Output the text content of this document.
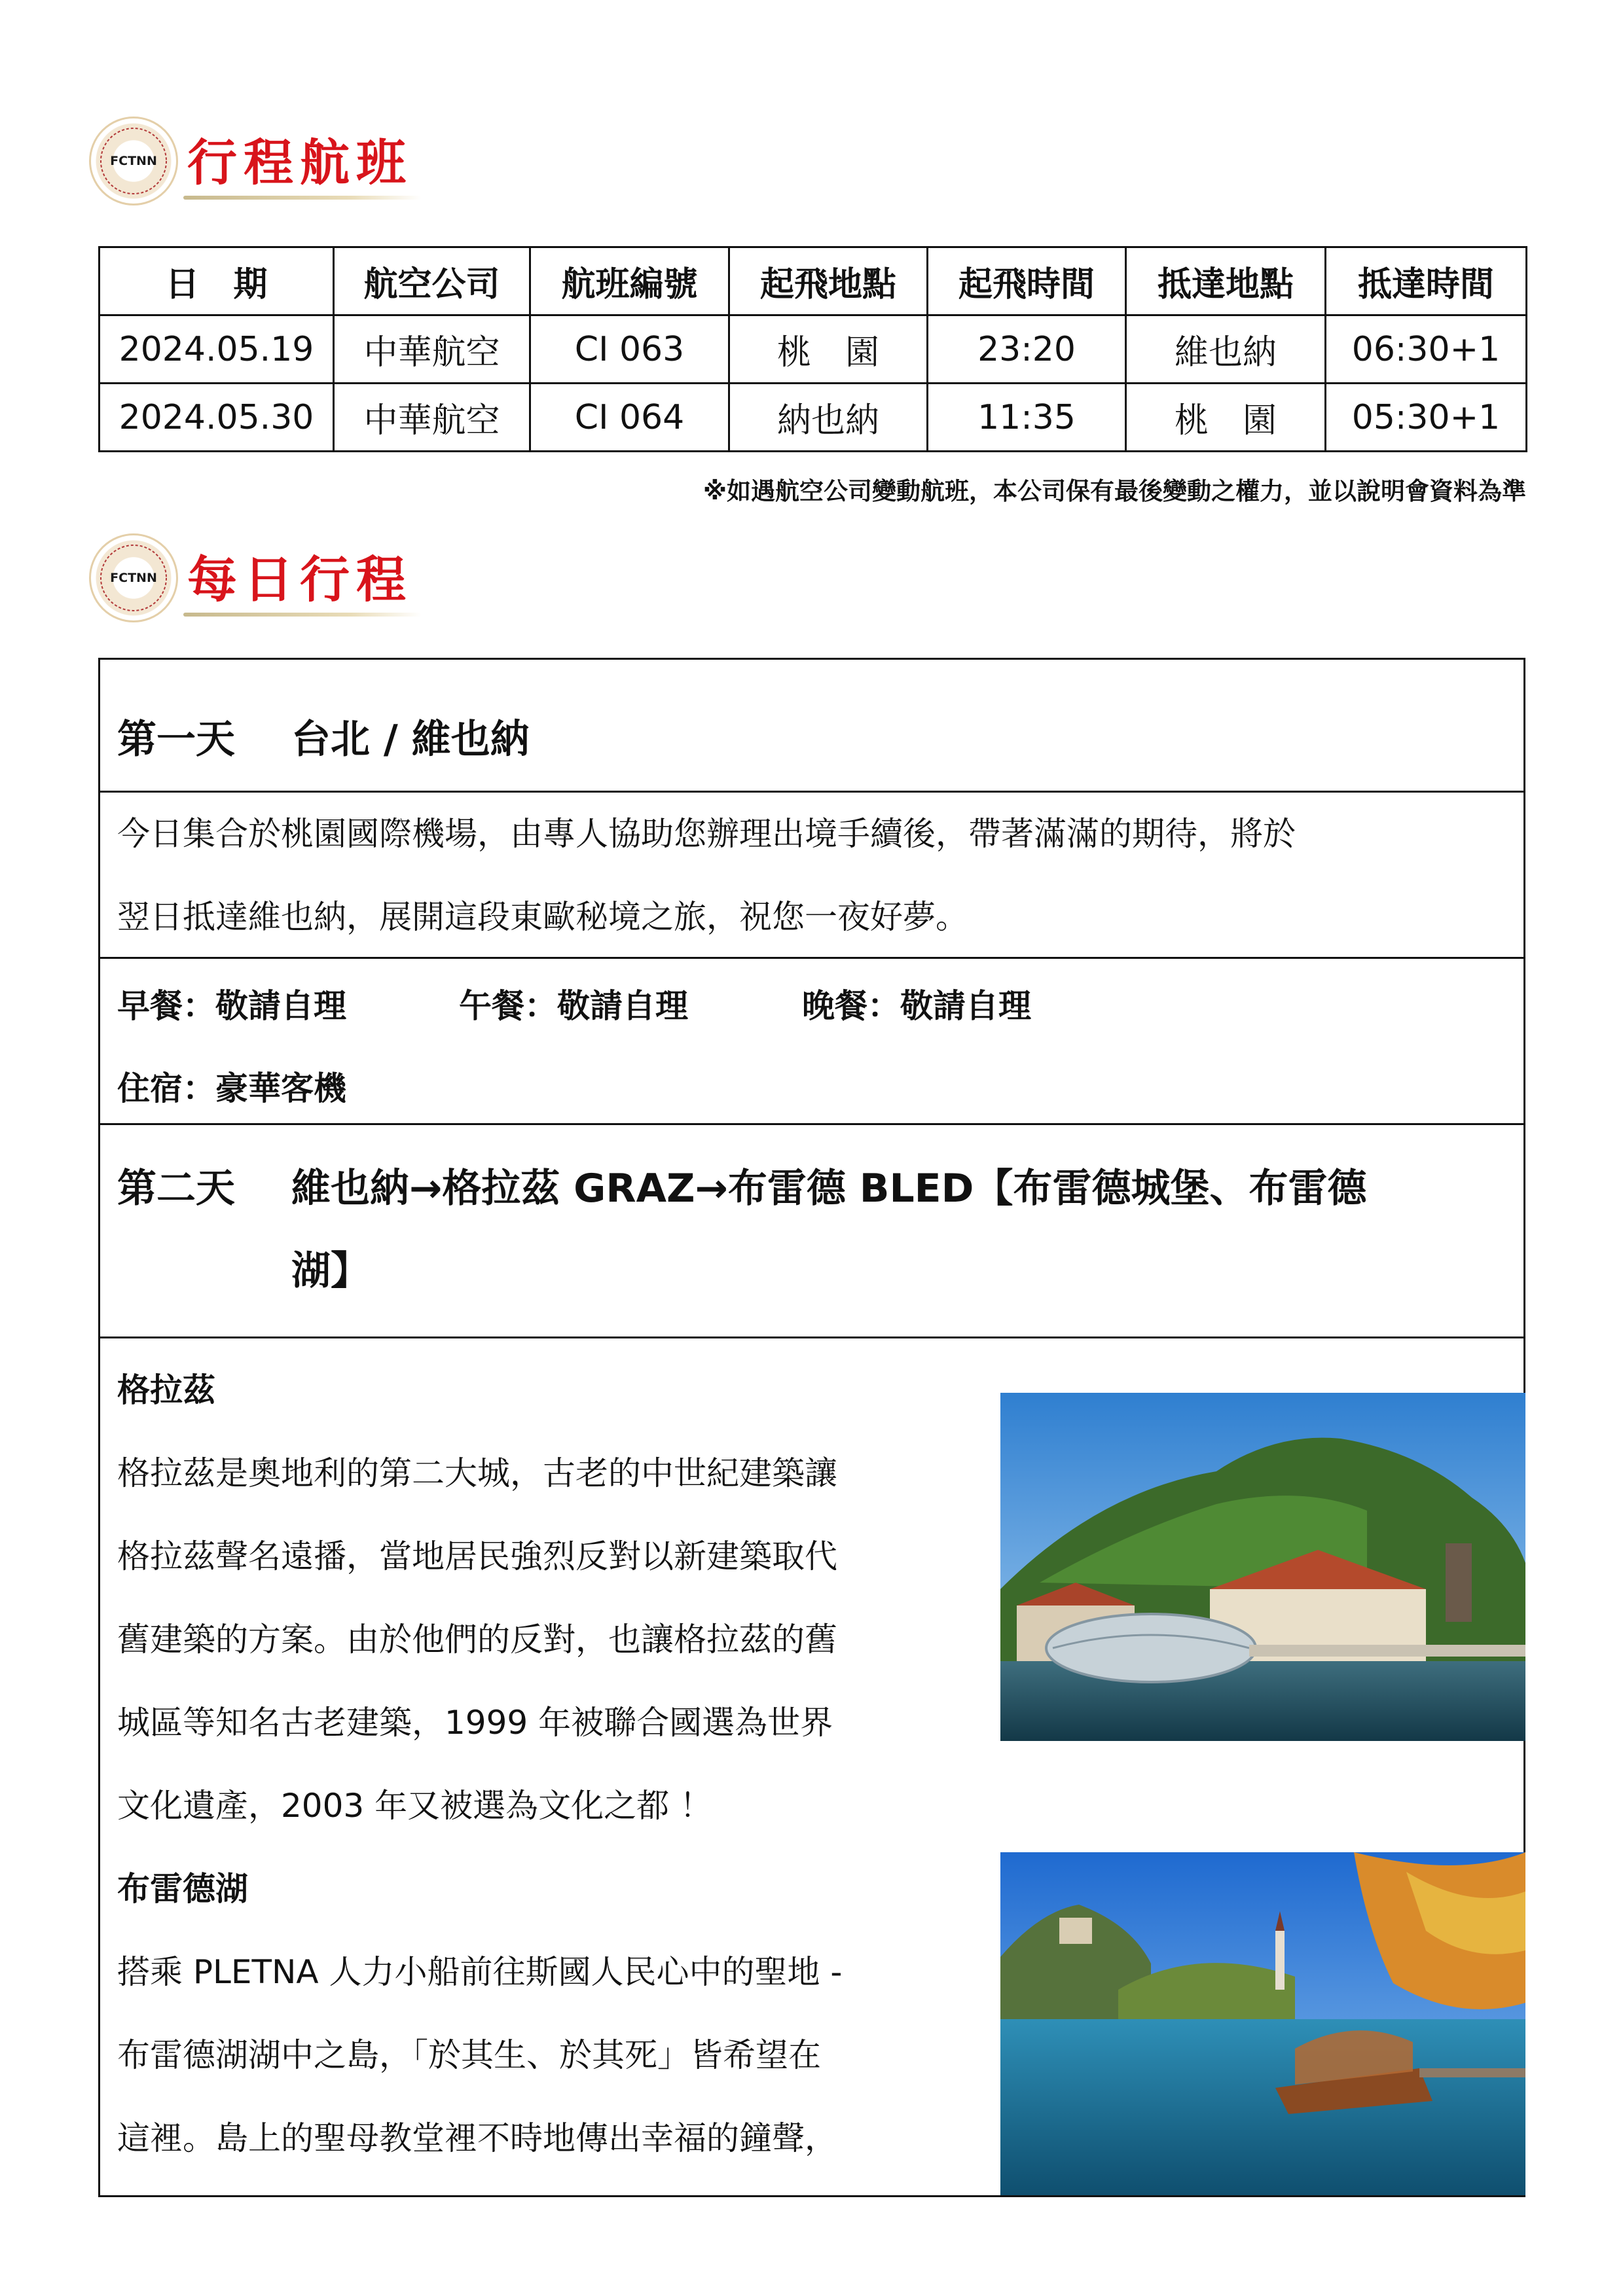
FCTNN 行程航班
日　期	航空公司	航班編號	起飛地點	起飛時間	抵達地點	抵達時間
2024.05.19	中華航空	CI 063	桃　園	23:20	維也納	06:30+1
2024.05.30	中華航空	CI 064	納也納	11:35	桃　園	05:30+1
※如遇航空公司變動航班，本公司保有最後變動之權力，並以說明會資料為準
FCTNN 每日行程
第一天 台北 / 維也納
今日集合於桃園國際機場，由專人協助您辦理出境手續後，帶著滿滿的期待，將於
翌日抵達維也納，展開這段東歐秘境之旅，祝您一夜好夢。
早餐：敬請自理	午餐：敬請自理	晚餐：敬請自理
住宿：豪華客機
第二天 維也納→格拉茲 GRAZ→布雷德 BLED【布雷德城堡、布雷德
湖】
格拉茲
格拉茲是奧地利的第二大城，古老的中世紀建築讓
格拉茲聲名遠播，當地居民強烈反對以新建築取代
舊建築的方案。由於他們的反對，也讓格拉茲的舊
城區等知名古老建築，1999 年被聯合國選為世界
文化遺產，2003 年又被選為文化之都 ！
布雷德湖
搭乘 PLETNA 人力小船前往斯國人民心中的聖地 -
布雷德湖湖中之島，「於其生、於其死」皆希望在
這裡。島上的聖母教堂裡不時地傳出幸福的鐘聲，
